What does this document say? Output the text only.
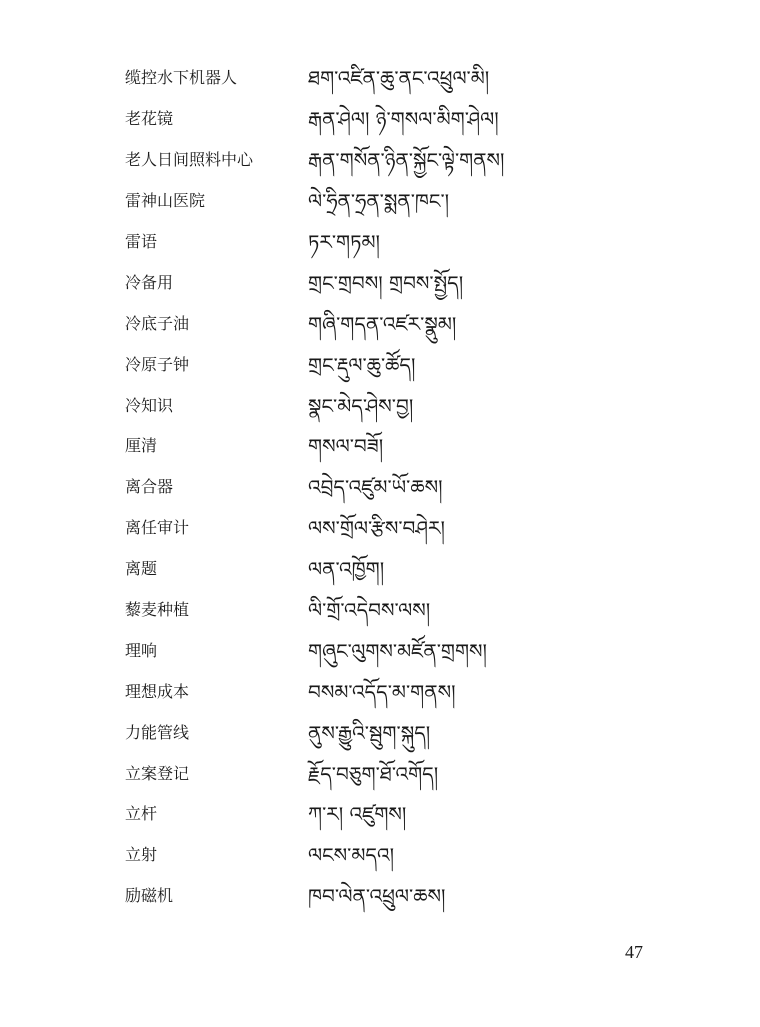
缆控水下机器人	ཐག་འཛིན་ཆུ་ནང་འཕྲུལ་མི།
老花镜	རྒན་ཤེལ། ཉེ་གསལ་མིག་ཤེལ།
老人日间照料中心	རྒན་གསོན་ཉིན་སྐྱོང་ལྟེ་གནས།
雷神山医院	ལེ་ཧྲིན་ཧྲན་སྨན་ཁང་།
雷语	ཏར་གཏམ།
冷备用	གྲང་གྲབས། གྲབས་སྤྱོད།
冷底子油	གཞི་གདན་འཛར་སྣུམ།
冷原子钟	གྲང་རྡུལ་ཆུ་ཚོད།
冷知识	སྣང་མེད་ཤེས་བྱ།
厘清	གསལ་བཟོ།
离合器	འབྲེད་འཛུམ་ཡོ་ཆས།
离任审计	ལས་གྲོལ་རྩིས་བཤེར།
离题	ལན་འཁྱོག།
藜麦种植	ལི་གྲོ་འདེབས་ལས།
理响	གཞུང་ལུགས་མཛོན་གྲགས།
理想成本	བསམ་འདོད་མ་གནས།
力能管线	ནུས་རྒྱུའི་སྦུག་སྐུད།
立案登记	རྗོད་བཅུག་ཐོ་འགོད།
立杆	ཀ་ར། འཛུགས།
立射	ལངས་མདའ།
励磁机	ཁབ་ལེན་འཕྲུལ་ཆས།
47
